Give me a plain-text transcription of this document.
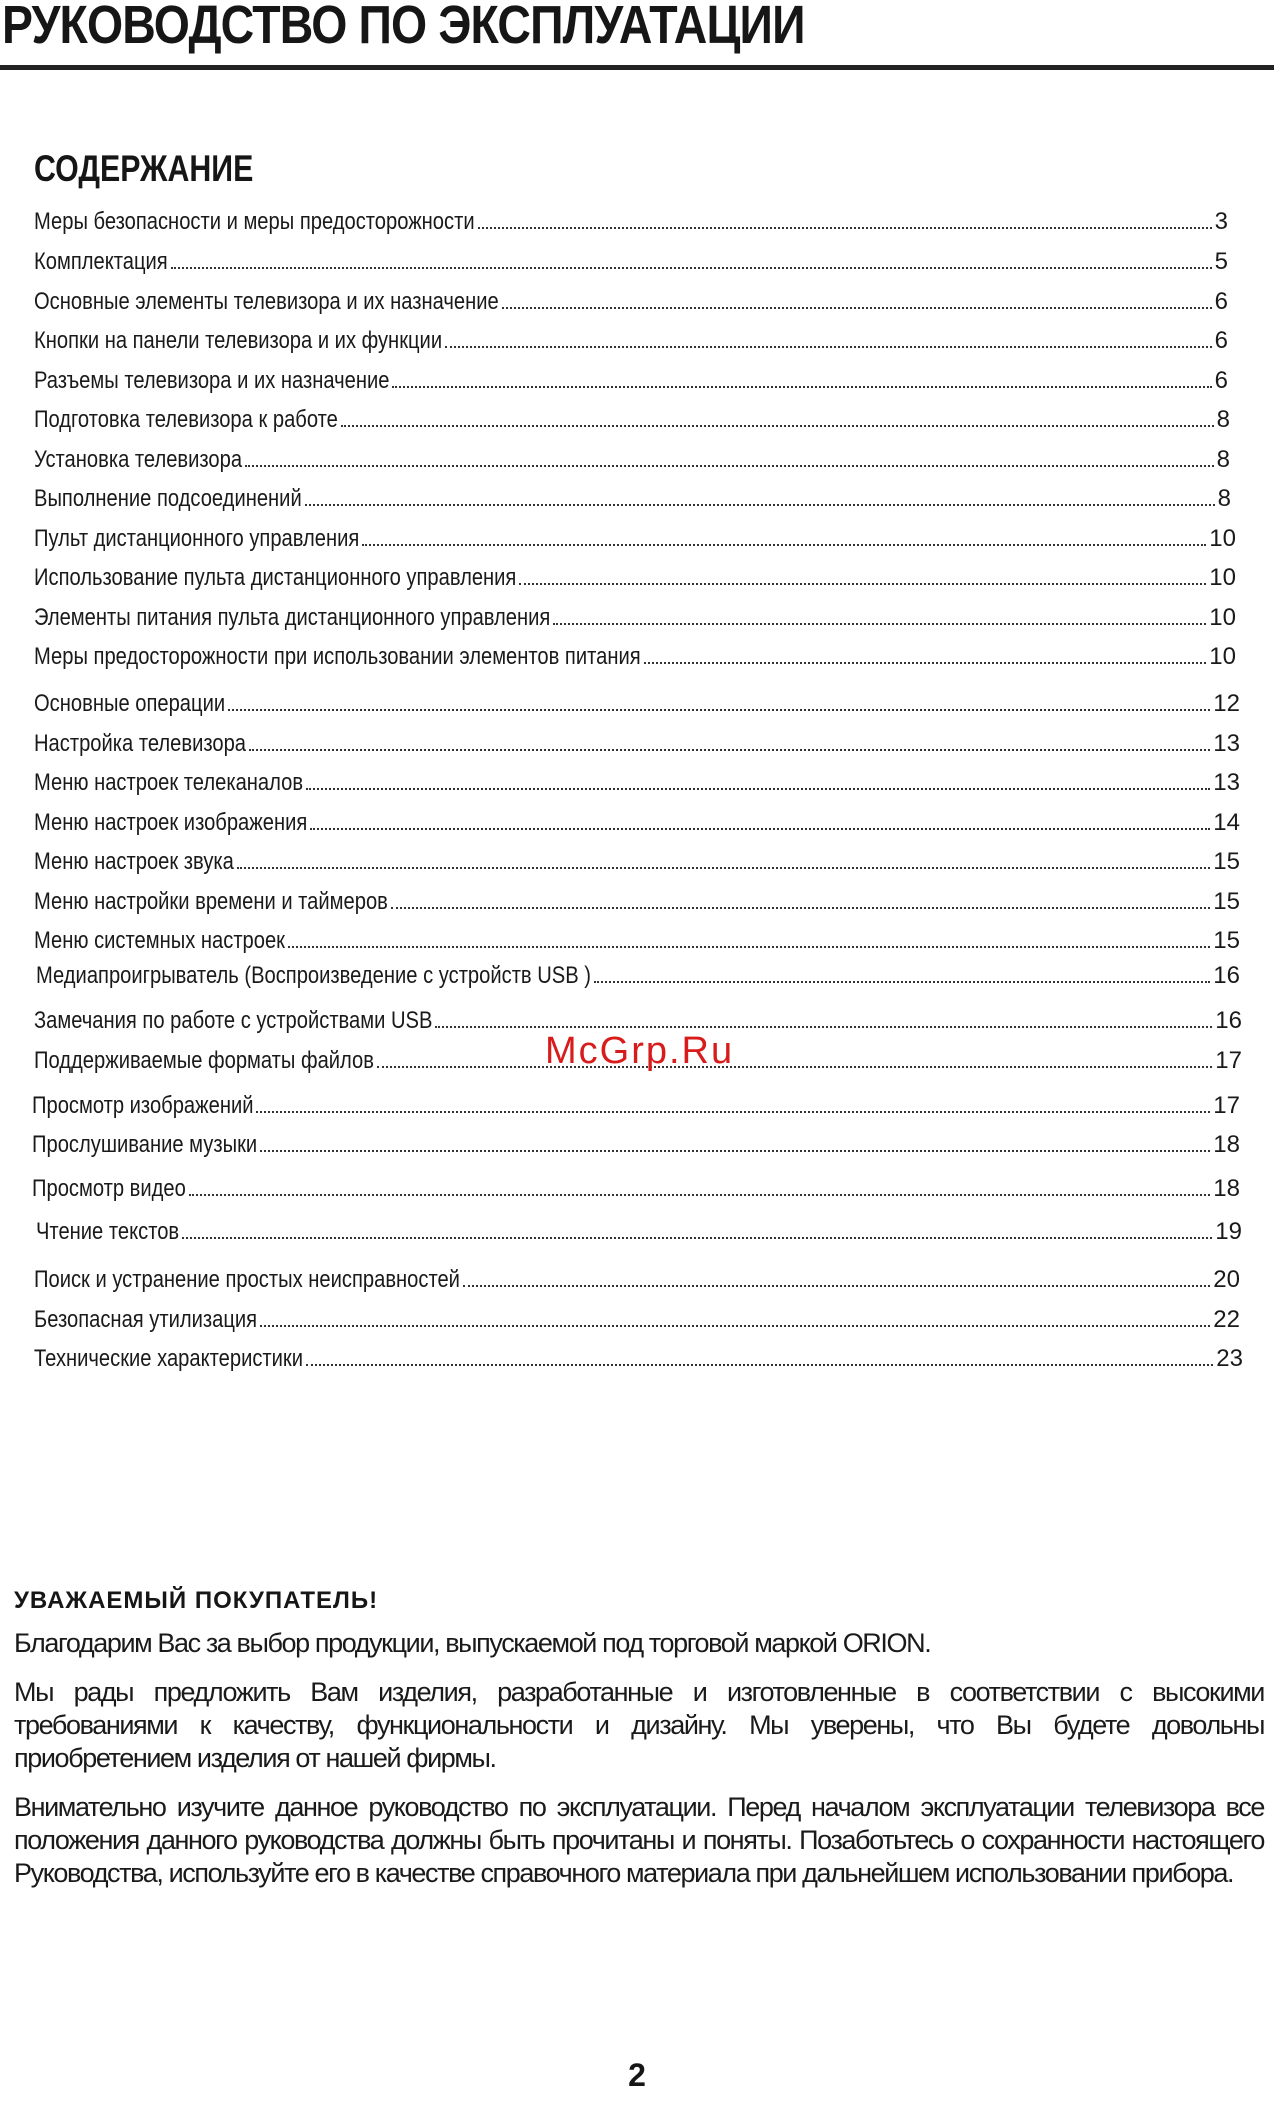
РУКОВОДСТВО ПО ЭКСПЛУАТАЦИИ
СОДЕРЖАНИЕ
Меры безопасности и меры предосторожности	3
Комплектация	5
Основные элементы телевизора и их назначение	6
Кнопки на панели телевизора и их функции	6
Разъемы телевизора и их назначение	6
Подготовка телевизора к работе	8
Установка телевизора	8
Выполнение подсоединений	8
Пульт дистанционного управления	10
Использование пульта дистанционного управления	10
Элементы питания пульта дистанционного управления	10
Меры предосторожности при использовании элементов питания	10
Основные операции	12
Настройка телевизора	13
Меню настроек телеканалов	13
Меню настроек изображения	14
Меню настроек звука	15
Меню настройки времени и таймеров	15
Меню системных настроек	15
Медиапроигрыватель (Воспроизведение с устройств USB )	16
Замечания по работе с устройствами USB	16
Поддерживаемые форматы файлов	17
Просмотр изображений	17
Прослушивание музыки	18
Просмотр видео	18
Чтение текстов	19
Поиск и устранение простых неисправностей	20
Безопасная утилизация	22
Технические характеристики	23
McGrp.Ru
УВАЖАЕМЫЙ ПОКУПАТЕЛЬ!

Благодарим Вас за выбор продукции, выпускаемой под торговой маркой ORION.

Мы рады предложить Вам изделия, разработанные и изготовленные в соответствии с высокими требованиями к качеству, функциональности и дизайну. Мы уверены, что Вы будете довольны приобретением изделия от нашей фирмы.

Внимательно изучите данное руководство по эксплуатации. Перед началом эксплуатации телевизора все положения данного руководства должны быть прочитаны и поняты. Позаботьтесь о сохранности настоящего Руководства, используйте его в качестве справочного материала при дальнейшем использовании прибора.

2
